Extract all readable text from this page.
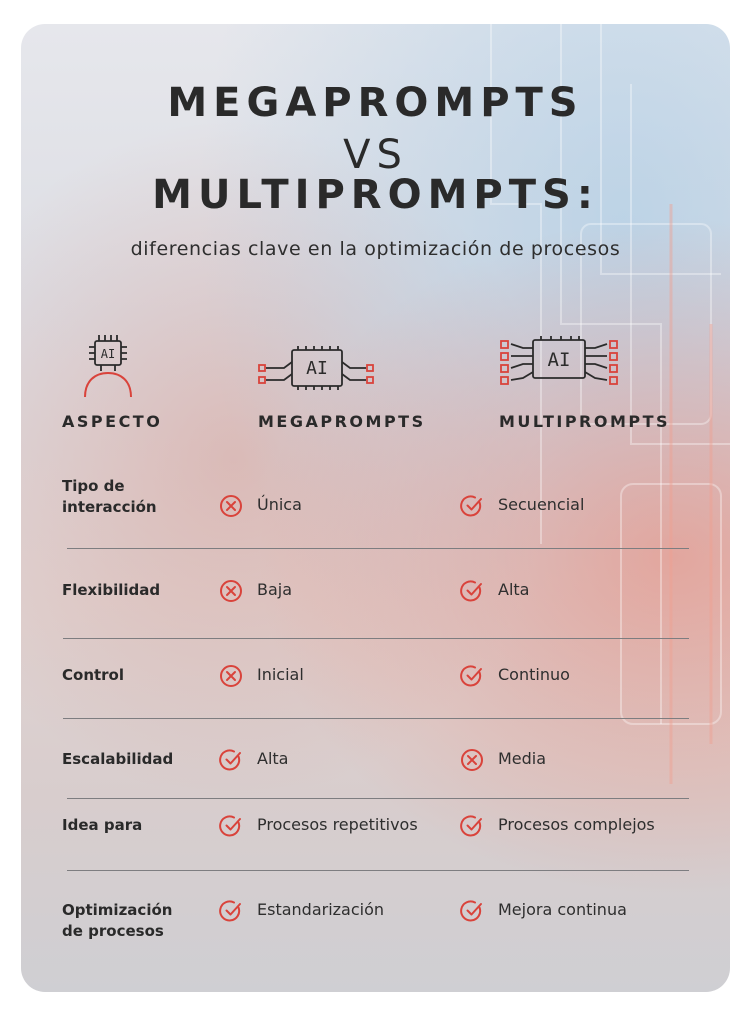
MEGAPROMPTS
VS
MULTIPROMPTS:
diferencias clave en la optimización de procesos
AI
AI	AI
ASPECTO	MEGAPROMPTS	MULTIPROMPTS
Tipo de
interacción	Única	Secuencial
Flexibilidad	Baja	Alta
Control	Inicial	Continuo
Escalabilidad	Alta	Media
Idea para	Procesos repetitivos	Procesos complejos
Optimización
de procesos
Estandarización	Mejora continua
